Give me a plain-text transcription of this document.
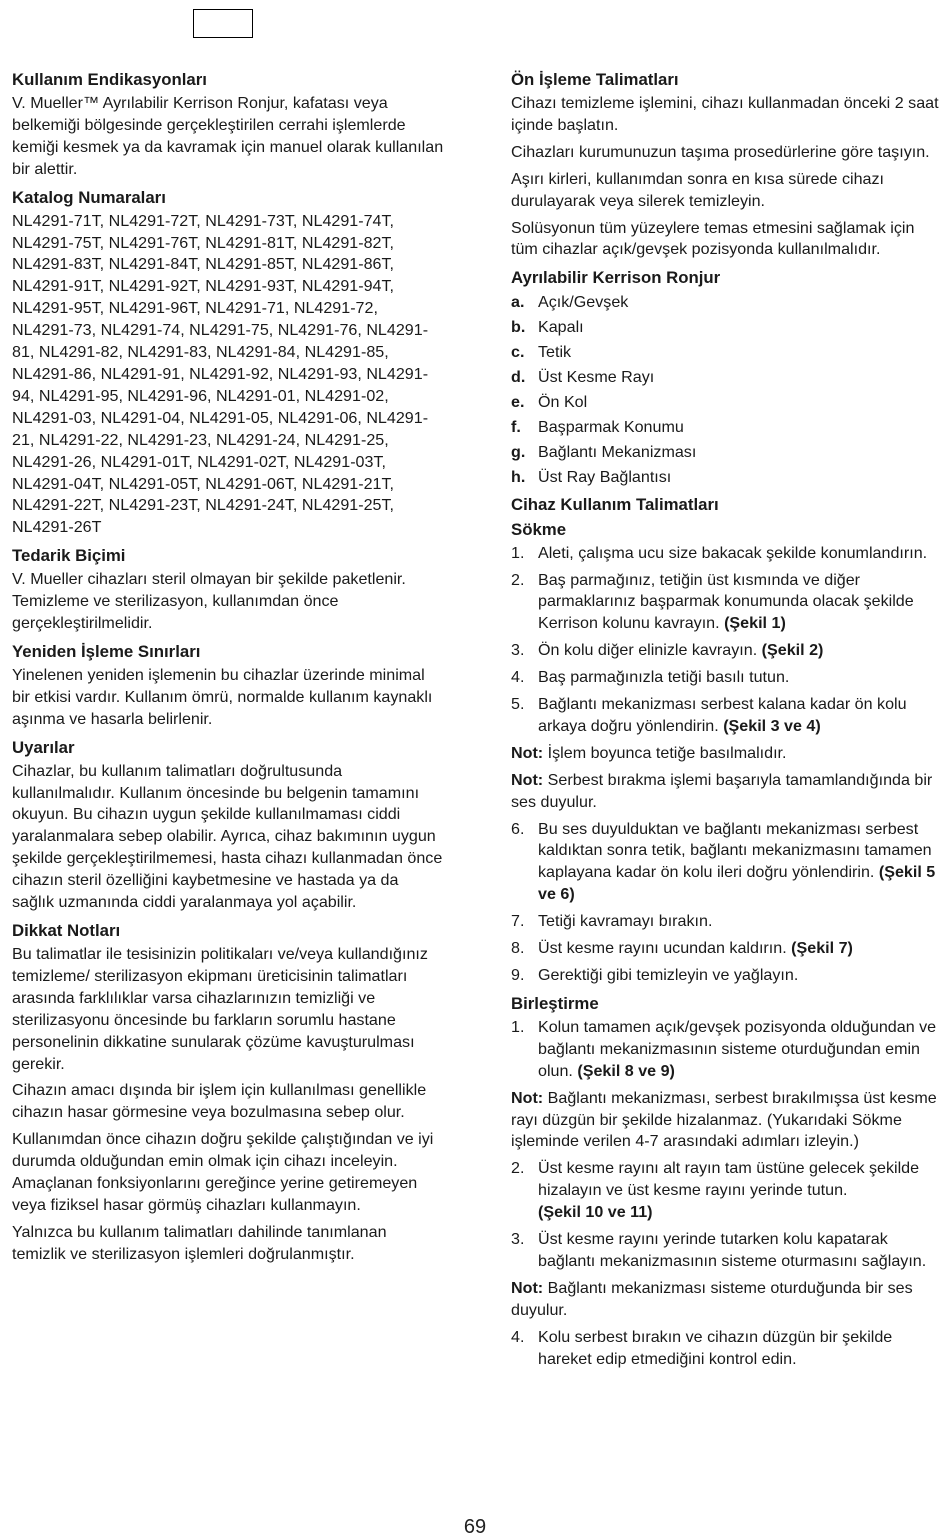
Kullanım Endikasyonları
V. Mueller™ Ayrılabilir Kerrison Ronjur, kafatası veya belkemiği bölgesinde gerçekleştirilen cerrahi işlemlerde kemiği kesmek ya da kavramak için manuel olarak kullanılan bir alettir.
Katalog Numaraları
NL4291-71T, NL4291-72T, NL4291-73T, NL4291-74T, NL4291-75T, NL4291-76T, NL4291-81T, NL4291-82T, NL4291-83T, NL4291-84T, NL4291-85T, NL4291-86T, NL4291-91T, NL4291-92T, NL4291-93T, NL4291-94T, NL4291-95T, NL4291-96T, NL4291-71, NL4291-72, NL4291-73, NL4291-74, NL4291-75, NL4291-76, NL4291-81, NL4291-82, NL4291-83, NL4291-84, NL4291-85, NL4291-86, NL4291-91, NL4291-92, NL4291-93, NL4291-94, NL4291-95, NL4291-96, NL4291-01, NL4291-02, NL4291-03, NL4291-04, NL4291-05, NL4291-06, NL4291-21, NL4291-22, NL4291-23, NL4291-24, NL4291-25, NL4291-26, NL4291-01T, NL4291-02T, NL4291-03T, NL4291-04T, NL4291-05T, NL4291-06T, NL4291-21T, NL4291-22T, NL4291-23T, NL4291-24T, NL4291-25T, NL4291-26T
Tedarik Biçimi
V. Mueller cihazları steril olmayan bir şekilde paketlenir. Temizleme ve sterilizasyon, kullanımdan önce gerçekleştirilmelidir.
Yeniden İşleme Sınırları
Yinelenen yeniden işlemenin bu cihazlar üzerinde minimal bir etkisi vardır. Kullanım ömrü, normalde kullanım kaynaklı aşınma ve hasarla belirlenir.
Uyarılar
Cihazlar, bu kullanım talimatları doğrultusunda kullanılmalıdır. Kullanım öncesinde bu belgenin tamamını okuyun. Bu cihazın uygun şekilde kullanılmaması ciddi yaralanmalara sebep olabilir. Ayrıca, cihaz bakımının uygun şekilde gerçekleştirilmemesi, hasta cihazı kullanmadan önce cihazın steril özelliğini kaybetmesine ve hastada ya da sağlık uzmanında ciddi yaralanmaya yol açabilir.
Dikkat Notları
Bu talimatlar ile tesisinizin politikaları ve/veya kullandığınız temizleme/ sterilizasyon ekipmanı üreticisinin talimatları arasında farklılıklar varsa cihazlarınızın temizliği ve sterilizasyonu öncesinde bu farkların sorumlu hastane personelinin dikkatine sunularak çözüme kavuşturulması gerekir.
Cihazın amacı dışında bir işlem için kullanılması genellikle cihazın hasar görmesine veya bozulmasına sebep olur.
Kullanımdan önce cihazın doğru şekilde çalıştığından ve iyi durumda olduğundan emin olmak için cihazı inceleyin. Amaçlanan fonksiyonlarını gereğince yerine getiremeyen veya fiziksel hasar görmüş cihazları kullanmayın.
Yalnızca bu kullanım talimatları dahilinde tanımlanan temizlik ve sterilizasyon işlemleri doğrulanmıştır.
Ön İşleme Talimatları
Cihazı temizleme işlemini, cihazı kullanmadan önceki 2 saat içinde başlatın.
Cihazları kurumunuzun taşıma prosedürlerine göre taşıyın.
Aşırı kirleri, kullanımdan sonra en kısa sürede cihazı durulayarak veya silerek temizleyin.
Solüsyonun tüm yüzeylere temas etmesini sağlamak için tüm cihazlar açık/gevşek pozisyonda kullanılmalıdır.
Ayrılabilir Kerrison Ronjur
a. Açık/Gevşek
b. Kapalı
c. Tetik
d. Üst Kesme Rayı
e. Ön Kol
f.	Başparmak Konumu
g. Bağlantı Mekanizması
h. Üst Ray Bağlantısı
Cihaz Kullanım Talimatları
Sökme
1. Aleti, çalışma ucu size bakacak şekilde konumlandırın.
2. Baş parmağınız, tetiğin üst kısmında ve diğer parmaklarınız başparmak konumunda olacak şekilde Kerrison kolunu kavrayın. (Şekil 1)
3. Ön kolu diğer elinizle kavrayın. (Şekil 2)
4. Baş parmağınızla tetiği basılı tutun.
5. Bağlantı mekanizması serbest kalana kadar ön kolu arkaya doğru yönlendirin. (Şekil 3 ve 4)
Not: İşlem boyunca tetiğe basılmalıdır.
Not: Serbest bırakma işlemi başarıyla tamamlandığında bir ses duyulur.
6. Bu ses duyulduktan ve bağlantı mekanizması serbest kaldıktan sonra tetik, bağlantı mekanizmasını tamamen kaplayana kadar ön kolu ileri doğru yönlendirin. (Şekil 5 ve 6)
7. Tetiği kavramayı bırakın.
8. Üst kesme rayını ucundan kaldırın. (Şekil 7)
9. Gerektiği gibi temizleyin ve yağlayın.
Birleştirme
1. Kolun tamamen açık/gevşek pozisyonda olduğundan ve bağlantı mekanizmasının sisteme oturduğundan emin olun. (Şekil 8 ve 9)
Not: Bağlantı mekanizması, serbest bırakılmışsa üst kesme rayı düzgün bir şekilde hizalanmaz. (Yukarıdaki Sökme işleminde verilen 4-7 arasındaki adımları izleyin.)
2. Üst kesme rayını alt rayın tam üstüne gelecek şekilde hizalayın ve üst kesme rayını yerinde tutun.
(Şekil 10 ve 11)
3. Üst kesme rayını yerinde tutarken kolu kapatarak bağlantı mekanizmasının sisteme oturmasını sağlayın.
Not: Bağlantı mekanizması sisteme oturduğunda bir ses duyulur.
4. Kolu serbest bırakın ve cihazın düzgün bir şekilde hareket edip etmediğini kontrol edin.
69
